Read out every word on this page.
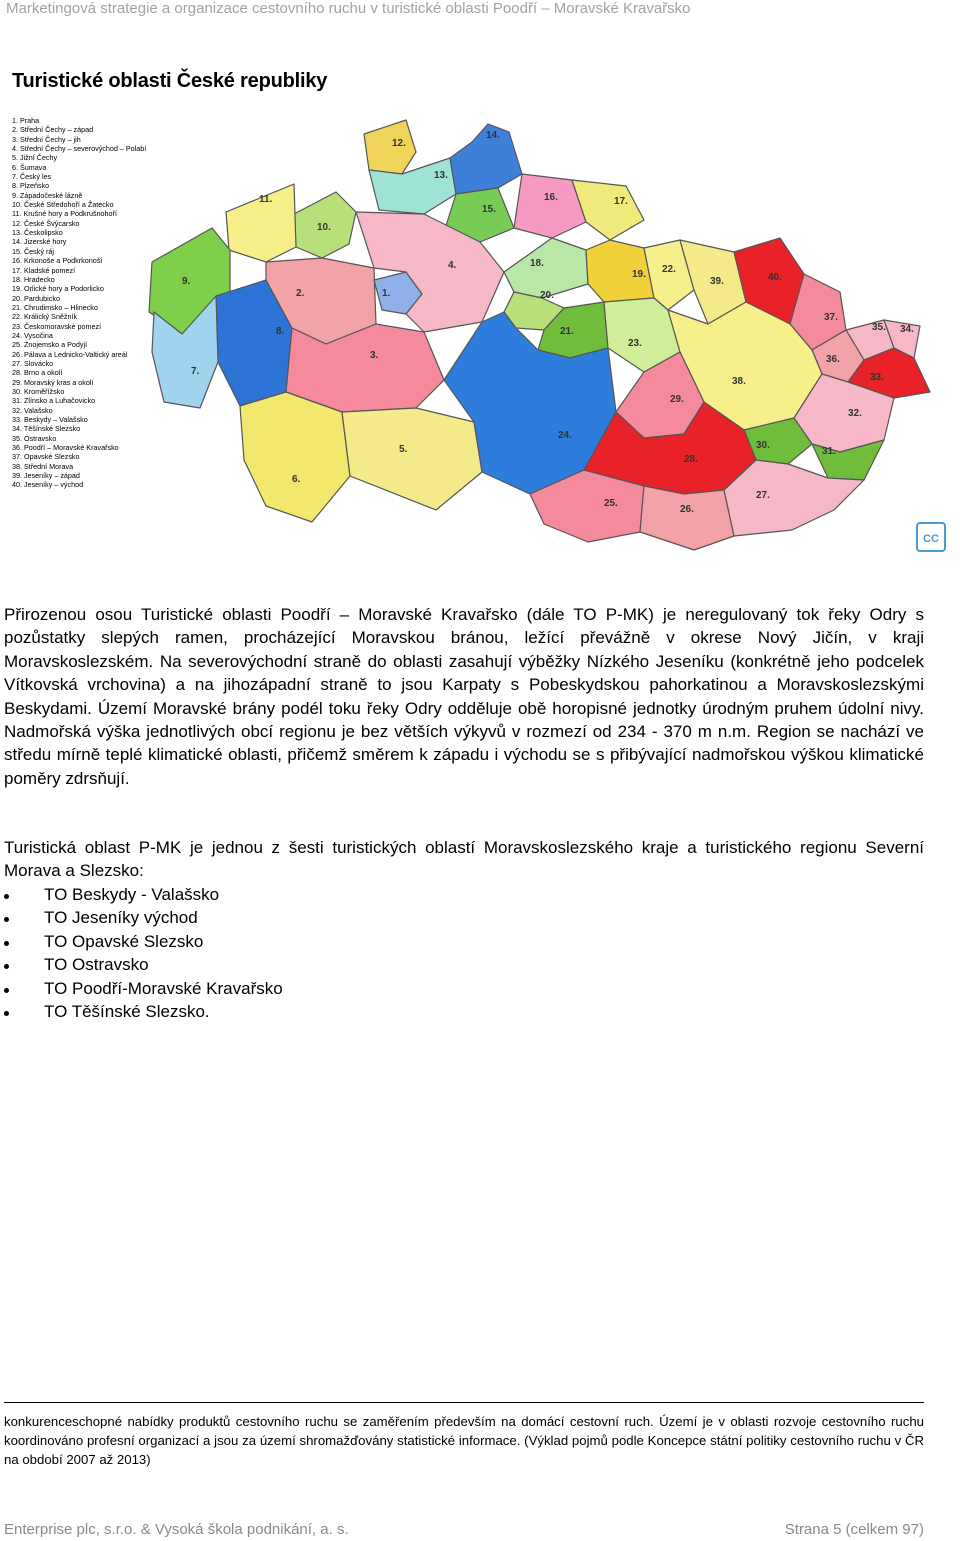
Marketingová strategie a organizace cestovního ruchu v turistické oblasti Poodří – Moravské Kravařsko
Turistické oblasti České republiky
1. Praha
2. Střední Čechy – západ
3. Střední Čechy – jih
4. Střední Čechy – severovýchod – Polabí
5. Jižní Čechy
6. Šumava
7. Český les
8. Plzeňsko
9. Západočeské lázně
10. České Středohoří a Žatecko
11. Krušné hory a Podkrušnohoří
12. České Švýcarsko
13. Českolipsko
14. Jizerské hory
15. Český ráj
16. Krkonoše a Podkrkonoší
17. Kladské pomezí
18. Hradecko
19. Orlické hory a Podorlicko
20. Pardubicko
21. Chrudimsko – Hlinecko
22. Králický Sněžník
23. Českomoravské pomezí
24. Vysočina
25. Znojemsko a Podyjí
26. Pálava a Lednicko-Valtický areál
27. Slovácko
28. Brno a okolí
29. Moravský kras a okolí
30. Kroměřížsko
31. Zlínsko a Luhačovicko
32. Valašsko
33. Beskydy – Valašsko
34. Těšínské Slezsko
35. Ostravsko
36. Poodří – Moravské Kravařsko
37. Opavské Slezsko
38. Střední Morava
39. Jeseníky – západ
40. Jeseníky – východ
1.
2.
3.
4.
5.
6.
7.
8.
9.
10.
11.
12.
13.
14.
15.
16.	17.
18.
19.
20.
21.
22.
23.
24.
25.
26.
27.
28.
29.
30.
31.
32.
33.
34.
35.
36.
37.
38.
39.	40.
CC

Přirozenou osou Turistické oblasti Poodří – Moravské Kravařsko (dále TO P-MK) je neregulovaný tok řeky Odry s pozůstatky slepých ramen, procházející Moravskou bránou, ležící převážně v okrese Nový Jičín, v kraji Moravskoslezském. Na severovýchodní straně do oblasti zasahují výběžky Nízkého Jeseníku (konkrétně jeho podcelek Vítkovská vrchovina) a na jihozápadní straně to jsou Karpaty s Pobeskydskou pahorkatinou a Moravskoslezskými Beskydami. Území Moravské brány podél toku řeky Odry odděluje obě horopisné jednotky úrodným pruhem údolní nivy. Nadmořská výška jednotlivých obcí regionu je bez větších výkyvů v rozmezí od 234 - 370 m n.m. Region se nachází ve středu mírně teplé klimatické oblasti, přičemž směrem k západu i východu se s přibývající nadmořskou výškou klimatické poměry zdrsňují.

Turistická oblast P-MK je jednou z šesti turistických oblastí Moravskoslezského kraje a turistického regionu Severní Morava a Slezsko:

TO Beskydy - Valašsko
TO Jeseníky východ
TO Opavské Slezsko
TO Ostravsko
TO Poodří-Moravské Kravařsko
TO Těšínské Slezsko.

konkurenceschopné nabídky produktů cestovního ruchu se zaměřením především na domácí cestovní ruch. Území je v oblasti rozvoje cestovního ruchu koordinováno profesní organizací a jsou za území shromažďovány statistické informace. (Výklad pojmů podle Koncepce státní politiky cestovního ruchu v ČR na období 2007 až 2013)

Enterprise plc, s.r.o. & Vysoká škola podnikání, a. s.	Strana 5 (celkem 97)
